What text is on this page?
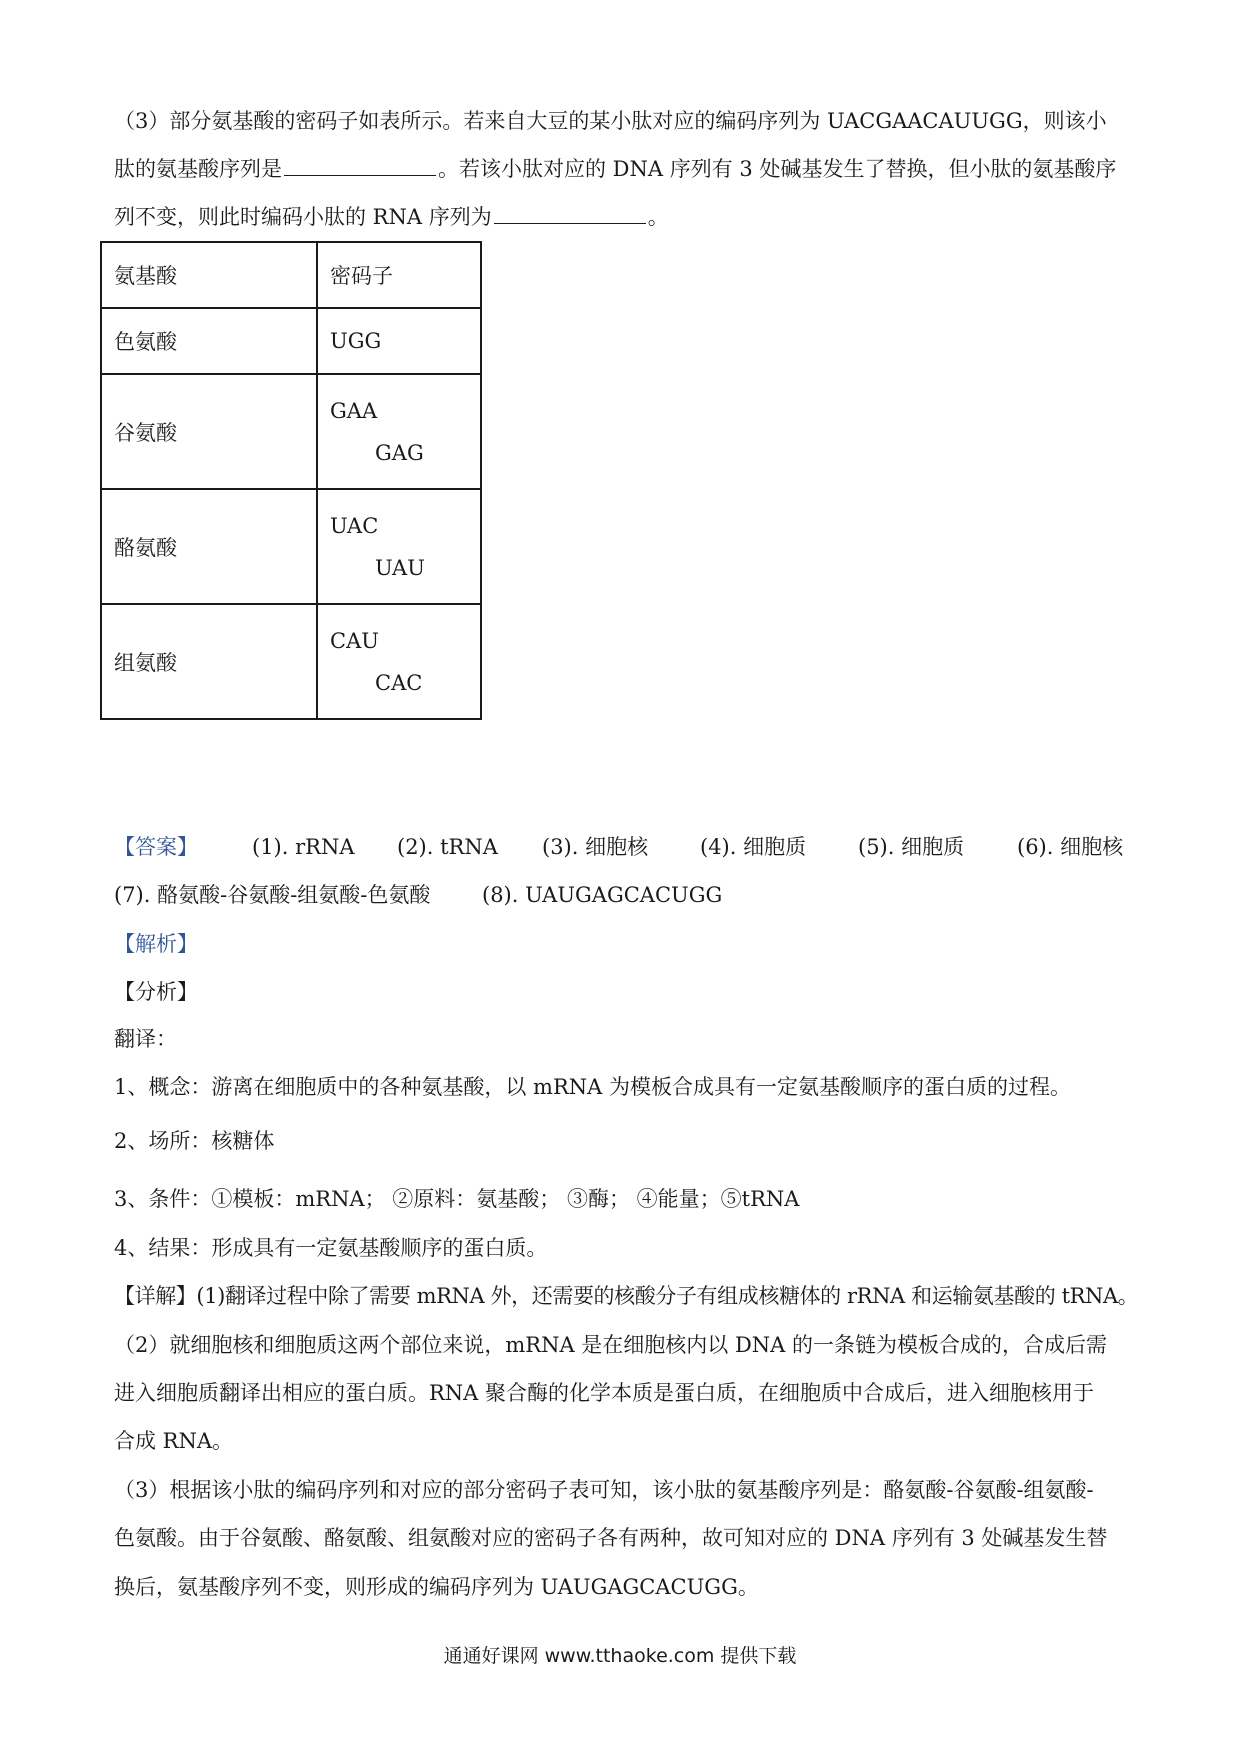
（3）部分氨基酸的密码子如表所示。若来自大豆的某小肽对应的编码序列为 UACGAACAUUGG，则该小
肽的氨基酸序列是	。若该小肽对应的 DNA 序列有 3 处碱基发生了替换，但小肽的氨基酸序
列不变，则此时编码小肽的 RNA 序列为	。
氨基酸	密码子
色氨酸	UGG

谷氨酸	GAA
GAG

酪氨酸	UAC
UAU

组氨酸	CAU
CAC
【答案】	(1). rRNA (2). tRNA (3). 细胞核 (4). 细胞质 (5). 细胞质	(6). 细胞核
(7). 酪氨酸-谷氨酸-组氨酸-色氨酸 (8). UAUGAGCACUGG
【解析】
【分析】
翻译：
1、概念：游离在细胞质中的各种氨基酸，以 mRNA 为模板合成具有一定氨基酸顺序的蛋白质的过程。
2、场所：核糖体
3、条件：①模板：mRNA； ②原料：氨基酸； ③酶； ④能量；⑤tRNA
4、结果：形成具有一定氨基酸顺序的蛋白质。
【详解】(1)翻译过程中除了需要 mRNA 外，还需要的核酸分子有组成核糖体的 rRNA 和运输氨基酸的 tRNA。
（2）就细胞核和细胞质这两个部位来说，mRNA 是在细胞核内以 DNA 的一条链为模板合成的，合成后需
进入细胞质翻译出相应的蛋白质。RNA 聚合酶的化学本质是蛋白质，在细胞质中合成后，进入细胞核用于
合成 RNA。
（3）根据该小肽的编码序列和对应的部分密码子表可知，该小肽的氨基酸序列是：酪氨酸-谷氨酸-组氨酸-
色氨酸。由于谷氨酸、酪氨酸、组氨酸对应的密码子各有两种，故可知对应的 DNA 序列有 3 处碱基发生替
换后，氨基酸序列不变，则形成的编码序列为 UAUGAGCACUGG。
通通好课网 www.tthaoke.com 提供下载
